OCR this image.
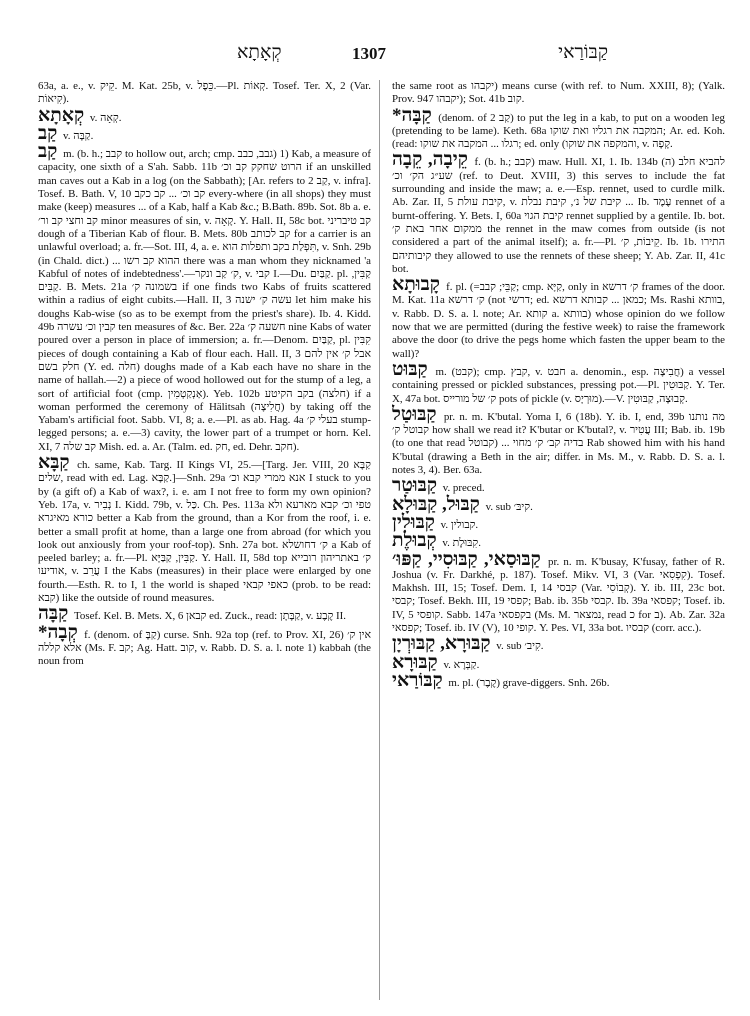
קְאָתָא	1307	קַבּוֹרַאי

63a, a. e., v. קֵיק. M. Kat. 25b, v. כֵּפֶל.—Pl. קְאוֹת. Tosef. Ter. X, 2 (Var. קִיאוֹת).

קְאָתָא v. קְאָה.

קַב v. קַבָּה.

קַב m. (b. h.; קבב to hollow out, arch; cmp. גבב, כבב) 1) Kab, a measure of capacity, one sixth of a S'ah. Sabb. 11b הרוט שחקק קב וכ׳ if an unskilled man caves out a Kab in a log (on the Sabbath); [Ar. refers to קַב 2, v. infra]. Tosef. B. Bath. V, 10 קב וכ׳ ... קב כקב every-where (in all shops) they must make (keep) measures ... of a Kab, half a Kab &c.; B.Bath. 89b. Sot. 8b a. e. קב וחצי קב ור׳ minor measures of sin, v. קָאָה. Y. Hall. II, 58c bot. קב טיבריני dough of a Tiberian Kab of flour. B. Mets. 80b קב לכותב for a carrier is an unlawful overload; a. fr.—Sot. III, 4, a. e. תִּפְלַת בקב ותפלות הוא, v. Snh. 29b (in Chald. dict.) ... ההוא קב רשו there was a man whom they nicknamed 'a Kabful of notes of indebtedness'.—ק׳ קַב ונקר, v. קבי I.—Du. קַבַּיִם. pl. קַבִּין, קַבִּים. B. Mets. 21a בשמונה ק׳ if one finds two Kabs of fruits scattered within a radius of eight cubits.—Hall. II, 3 עשה ק׳ ישנה let him make his doughs Kab-wise (so as to be exempt from the priest's share). Ib. 4. Kidd. 49b קבין וכ׳ עשרה ten measures of &c. Ber. 22a חשעה ק׳ nine Kabs of water poured over a person in place of immersion; a. fr.—Denom. קַבַּיִם, pl. קִבִּין pieces of dough containing a Kab of flour each. Hall. II, 3 אבל ק׳ אין להם חלק בשם (Y. ed. חלה) doughs made of a Kab each have no share in the name of hallah.—2) a piece of wood hollowed out for the stump of a leg, a sort of artificial foot (cmp. אַנְקַטְמִין). Yeb. 102b חלצה) בקב הקיטע) if a woman performed the ceremony of Hälitsah (חֲלִיצָה) by taking off the Yabam's artificial foot. Sabb. VI, 8; a. e.—Pl. as ab. Hag. 4a בעלי ק׳ stump-legged persons; a. e.—3) cavity, the lower part of a trumpet or horn. Kel. XI, 7 קב שלה Mish. ed. a. Ar. (Talm. ed. חק, ed. Dehr. חקב).

קַבָּא ch. same, Kab. Targ. II Kings VI, 25.—[Targ. Jer. VIII, 20 קַבָּא שלים, read with ed. Lag. קַבָּא.]—Snh. 29a אנא ממרי קבא וכ׳ I stuck to you by (a gift of) a Kab of wax?, i. e. am I not free to form my own opinion? Yeb. 17a, v. נְבִיר I. Kidd. 79b, v. כַּל. Ch. Pes. 113a טפי וכ׳ קבא מארעא ולא כורא מאיגרא better a Kab from the ground, than a Kor from the roof, i. e. better a small profit at home, than a large one from abroad (for which you look out anxiously from your roof-top). Snh. 27a bot. ק׳ דחושלא a Kab of peeled barley; a. fr.—Pl. קַבִּין, קַבַּיָּא. Y. Hall. II, 58d top ק׳ באתריהון רובייא אודיעו, v. עֲרֵב I the Kabs (measures) in their place were enlarged by one fourth.—Esth. R. to I, 1 the world is shaped כאפי קבאי (prob. to be read: קבא) like the outside of round measures.

קַבָּה Tosef. Kel. B. Mets. X, 6 קבאן ed. Zuck., read: קַבָּתָן, v. קֶבֶע II.

*קְבָה f. (denom. of קַבָּ) curse. Snh. 92a top (ref. to Prov. XI, 26) אין ק׳ אלא קללה (Ms. F. קב; Ag. Hatt. קוב, v. Rabb. D. S. a. l. note 1) kabbah (the noun from

the same root as יקבהו) means curse (with ref. to Num. XXIII, 8); (Yalk. Prov. 947 יקבהו); Sot. 41b קוב.

*קַבָּה (denom. of קַב 2) to put the leg in a kab, to put on a wooden leg (pretending to be lame). Keth. 68a המקבה את רגליו ואת שוקו; Ar. ed. Koh. (read: רגלו ... המקבה את שוקו; ed. only (והמקפה את שוקו, v. קָפָה.

קֵיבָה, קֵבָה f. (b. h.; קבב) maw. Hull. XI, 1. Ib. 134b (ה) להביא חלב שע״ג הק׳ וכ׳ (ref. to Deut. XVIII, 3) this serves to include the fat surrounding and inside the maw; a. e.—Esp. rennet, used to curdle milk. Ab. Zar. II, 5 קיבת עולת, v. קיבת של נ׳, קיבת נבלת ... Ib. עֶמֶד rennet of a burnt-offering. Y. Bets. I, 60a קיבת הגוי rennet supplied by a gentile. Ib. bot. ממקום אחר באת ק׳ the rennet in the maw comes from outside (is not considered a part of the animal itself); a. fr.—Pl. קֵיבוֹת, ק׳. Ib. 1b. התירו קיבותיהם they allowed to use the rennets of these sheep; Y. Ab. Zar. II, 41c bot.

קָבוּתָא f. pl. (=קַבֵּי; קבב; cmp. קַיָּא, only in ק׳ דרשא frames of the door. M. Kat. 11a ק׳ דרשא (not דרשי; ed. כמאן ... קבותא דרשא; Ms. Rashi בוותא, v. Rabb. D. S. a. l. note; Ar. קותא a. בוותא) whose opinion do we follow now that we are permitted (during the festive week) to raise the framework above the door (to drive the pegs home which fasten the upper beam to the wall)?

קַבּוּט m. (קבט); cmp. קבץ, v. חבט a. denomin., esp. חֲבִיצָה) a vessel containing pressed or pickled substances, pressing pot.—Pl. קַבּוּטִין. Y. Ter. X, 47a bot. ק׳ של מורייס pots of pickle (v. מוּרְיָס).—V. קְבוּצָה, קַבּוּטִין.

קַבּוּטַל pr. n. m. K'butal. Yoma I, 6 (18b). Y. ib. I, end, 39b מה נותנו קבוטל ק׳ how shall we read it? K'butar or K'butal?, v. עֲטִיר III; Bab. ib. 19b (to one that read קבוטל) ... בדיה קב׳ ק׳ מחוי Rab showed him with his hand K'butal (drawing a Beth in the air; differ. in Ms. M., v. Rabb. D. S. a. l. notes 3, 4). Ber. 63a.

קַבּוּטַר v. preced.

קַבּוּל, קַבּוּלָא v. sub קיבּ׳.

קַבּוּלִין v. קבולין.

קְבוּלֶת v. קִבּוּלֶת.

קַבּוּסַאי, קַבּוּסִיי, קַפּוּ׳ pr. n. m. K'busay, K'fusay, father of R. Joshua (v. Fr. Darkhé, p. 187). Tosef. Mikv. VI, 3 (Var. קִפְסִאי). Tosef. Makhsh. III, 15; Tosef. Dem. I, 14 קבסי (Var. קְבוֹסִי). Y. ib. III, 23c bot. קבסי; Tosef. Bekh. III, 19 קפסי; Bab. ib. 35b קבסי. Ib. 39a קפסאי; Tosef. ib. IV, 5 קופסי. Sabb. 147a בקפסאי (Ms. M. נמצאר, read כ for ב). Ab. Zar. 32a קפסאי; Tosef. ib. IV (V), 10 קופי. Y. Pes. VI, 33a bot. קבסיו (corr. acc.).

קַבּוּרָא, קַבּוּרְיָן v. sub קִיב׳.

קַבּוּרָא v. קַבְּרָא.

קַבּוֹרַאי m. pl. (קֶבֶר) grave-diggers. Snh. 26b.
